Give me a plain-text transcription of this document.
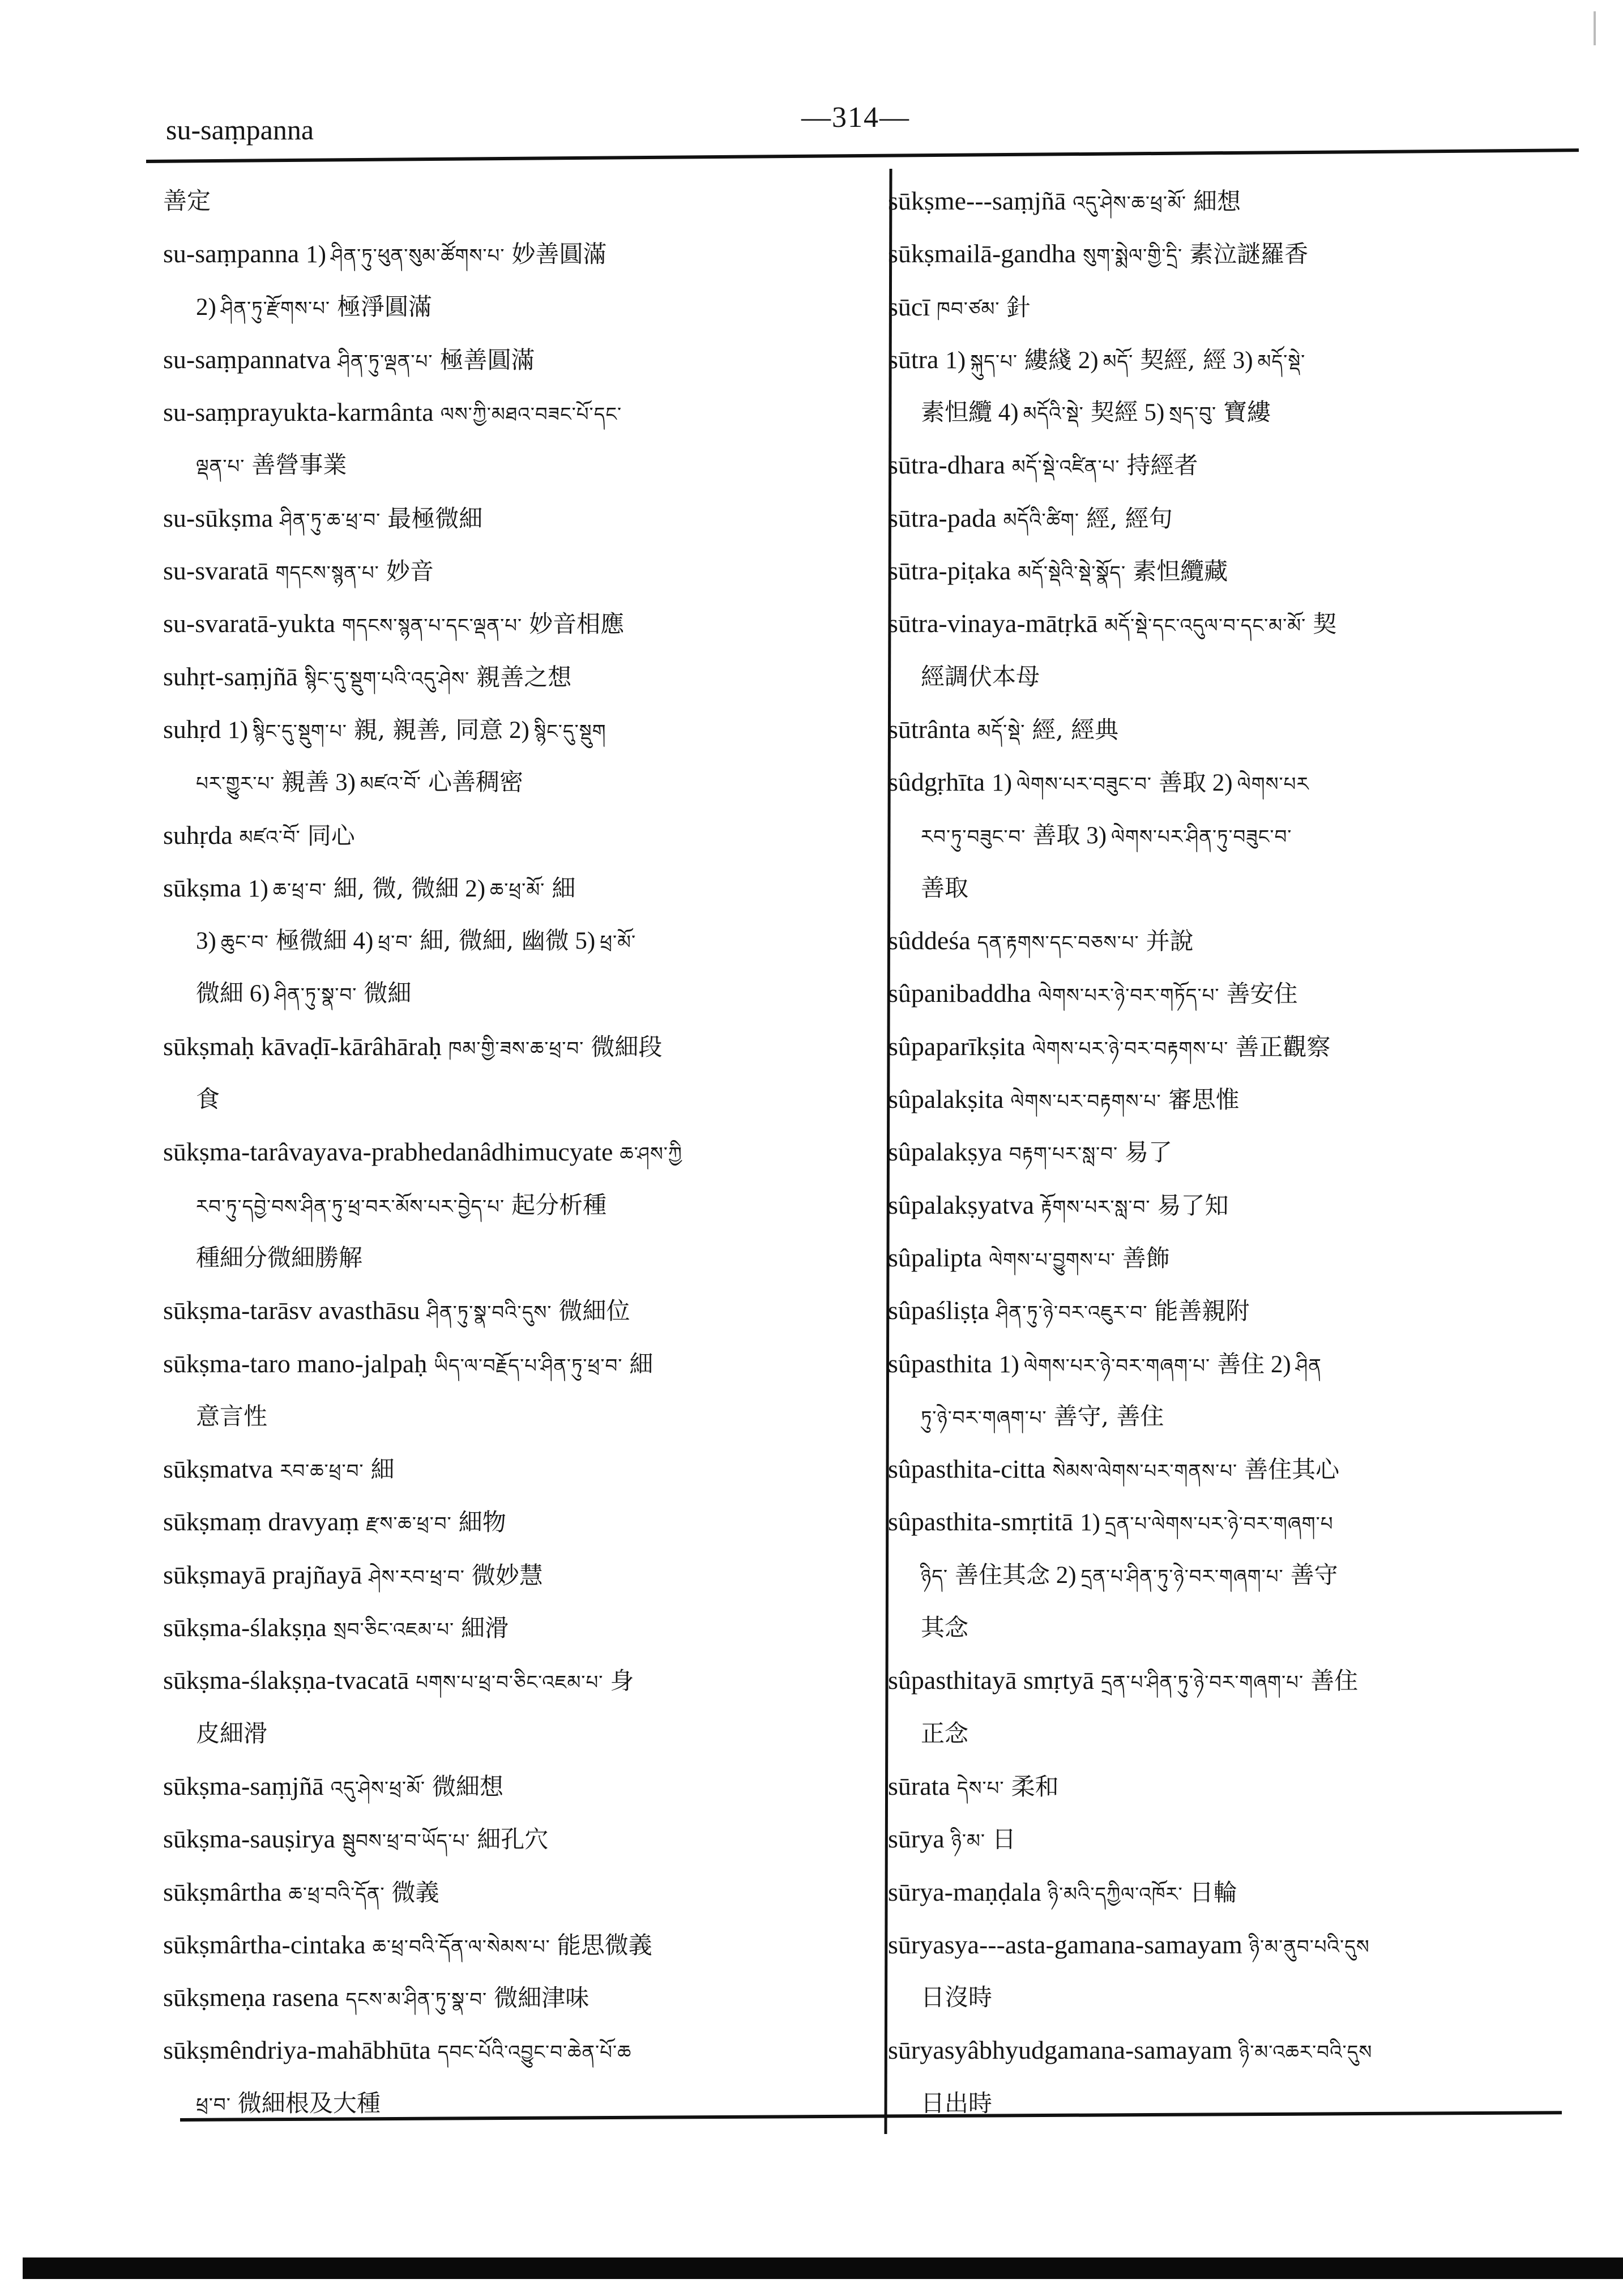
su-saṃpanna	—314—
善定
su-saṃpanna 1) ཤིན་ཏུ་ཕུན་སུམ་ཚོགས་པ་ 妙善圓滿
2) ཤིན་ཏུ་རྫོགས་པ་ 極淨圓滿
su-saṃpannatva ཤིན་ཏུ་ལྡན་པ་ 極善圓滿
su-saṃprayukta-karmânta ལས་ཀྱི་མཐའ་བཟང་པོ་དང་
ལྡན་པ་ 善營事業
su-sūkṣma ཤིན་ཏུ་ཆ་ཕྲ་བ་ 最極微細
su-svaratā གདངས་སྙན་པ་ 妙音
su-svaratā-yukta གདངས་སྙན་པ་དང་ལྡན་པ་ 妙音相應
suhṛt-saṃjñā སྙིང་དུ་སྡུག་པའི་འདུ་ཤེས་ 親善之想
suhṛd 1) སྙིང་དུ་སྡུག་པ་ 親, 親善, 同意 2) སྙིང་དུ་སྡུག
པར་གྱུར་པ་ 親善 3) མཛའ་བོ་ 心善稠密
suhṛda མཛའ་བོ་ 同心
sūkṣma 1) ཆ་ཕྲ་བ་ 細, 微, 微細 2) ཆ་ཕྲ་མོ་ 細
3) ཆུང་བ་ 極微細 4) ཕྲ་བ་ 細, 微細, 幽微 5) ཕྲ་མོ་
微細 6) ཤིན་ཏུ་སྣ་བ་ 微細
sūkṣmaḥ kāvaḍī-kārâhāraḥ ཁམ་གྱི་ཟས་ཆ་ཕྲ་བ་ 微細段
食
sūkṣma-tarâvayava-prabhedanâdhimucyate ཆ་ཤས་ཀྱི
རབ་ཏུ་དབྱེ་བས་ཤིན་ཏུ་ཕྲ་བར་མོས་པར་བྱེད་པ་ 起分析種
種細分微細勝解
sūkṣma-tarāsv avasthāsu ཤིན་ཏུ་སྣ་བའི་དུས་ 微細位
sūkṣma-taro mano-jalpaḥ ཡིད་ལ་བརྗོད་པ་ཤིན་ཏུ་ཕྲ་བ་ 細
意言性
sūkṣmatva རབ་ཆ་ཕྲ་བ་ 細
sūkṣmaṃ dravyaṃ རྫས་ཆ་ཕྲ་བ་ 細物
sūkṣmayā prajñayā ཤེས་རབ་ཕྲ་བ་ 微妙慧
sūkṣma-ślakṣṇa སྲབ་ཅིང་འཇམ་པ་ 細滑
sūkṣma-ślakṣṇa-tvacatā པགས་པ་ཕྲ་བ་ཅིང་འཇམ་པ་ 身
皮細滑
sūkṣma-saṃjñā འདུ་ཤེས་ཕྲ་མོ་ 微細想
sūkṣma-sauṣirya སྦུབས་ཕྲ་བ་ཡོད་པ་ 細孔穴
sūkṣmârtha ཆ་ཕྲ་བའི་དོན་ 微義
sūkṣmârtha-cintaka ཆ་ཕྲ་བའི་དོན་ལ་སེམས་པ་ 能思微義
sūkṣmeṇa rasena དངས་མ་ཤིན་ཏུ་སྣ་བ་ 微細津味
sūkṣmêndriya-mahābhūta དབང་པོའི་འབྱུང་བ་ཆེན་པོ་ཆ
ཕྲ་བ་ 微細根及大種
sūkṣme---saṃjñā འདུ་ཤེས་ཆ་ཕྲ་མོ་ 細想
sūkṣmailā-gandha སུག་སྨེལ་གྱི་དྲི་ 素泣謎羅香
sūcī ཁབ་ཙམ་ 針
sūtra 1) སྐུད་པ་ 縷綫 2) མདོ་ 契經, 經 3) མདོ་སྡེ་
素怛纜 4) མདོའི་སྡེ་ 契經 5) སྲད་བུ་ 寶縷
sūtra-dhara མདོ་སྡེ་འཛིན་པ་ 持經者
sūtra-pada མདོའི་ཚིག་ 經, 經句
sūtra-piṭaka མདོ་སྡེའི་སྡེ་སྣོད་ 素怛纜藏
sūtra-vinaya-mātṛkā མདོ་སྡེ་དང་འདུལ་བ་དང་མ་མོ་ 契
經調伏本母
sūtrânta མདོ་སྡེ་ 經, 經典
sûdgṛhīta 1) ལེགས་པར་བཟུང་བ་ 善取 2) ལེགས་པར
རབ་ཏུ་བཟུང་བ་ 善取 3) ལེགས་པར་ཤིན་ཏུ་བཟུང་བ་
善取
sûddeśa དན་རྟགས་དང་བཅས་པ་ 并說
sûpanibaddha ལེགས་པར་ཉེ་བར་གཏོད་པ་ 善安住
sûpaparīkṣita ལེགས་པར་ཉེ་བར་བརྟགས་པ་ 善正觀察
sûpalakṣita ལེགས་པར་བརྟགས་པ་ 審思惟
sûpalakṣya བརྟག་པར་སླ་བ་ 易了
sûpalakṣyatva རྟོགས་པར་སླ་བ་ 易了知
sûpalipta ལེགས་པ་བྱུགས་པ་ 善飾
sûpaśliṣṭa ཤིན་ཏུ་ཉེ་བར་འཇུར་བ་ 能善親附
sûpasthita 1) ལེགས་པར་ཉེ་བར་གཞག་པ་ 善住 2) ཤིན
ཏུ་ཉེ་བར་གཞག་པ་ 善守, 善住
sûpasthita-citta སེམས་ལེགས་པར་གནས་པ་ 善住其心
sûpasthita-smṛtitā 1) དྲན་པ་ལེགས་པར་ཉེ་བར་གཞག་པ
ཉིད་ 善住其念 2) དྲན་པ་ཤིན་ཏུ་ཉེ་བར་གཞག་པ་ 善守
其念
sûpasthitayā smṛtyā དྲན་པ་ཤིན་ཏུ་ཉེ་བར་གཞག་པ་ 善住
正念
sūrata དེས་པ་ 柔和
sūrya ཉི་མ་ 日
sūrya-maṇḍala ཉི་མའི་དཀྱིལ་འཁོར་ 日輪
sūryasya---asta-gamana-samayam ཉི་མ་ནུབ་པའི་དུས
日沒時
sūryasyâbhyudgamana-samayam ཉི་མ་འཆར་བའི་དུས
日出時
